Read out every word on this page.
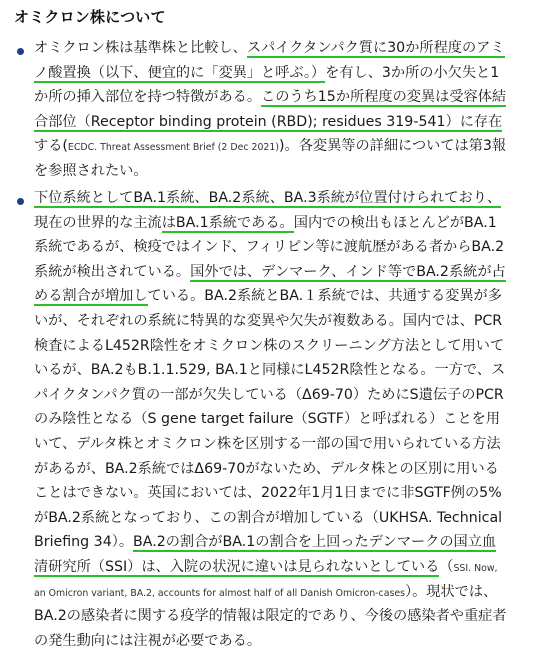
オミクロン株について
オミクロン株は基準株と比較し、スパイクタンパク質に30か所程度のアミ
ノ酸置換（以下、便宜的に「変異」と呼ぶ。）を有し、3か所の小欠失と1
か所の挿入部位を持つ特徴がある。このうち15か所程度の変異は受容体結
合部位（Receptor binding protein (RBD); residues 319-541）に存在
する(ECDC. Threat Assessment Brief (2 Dec 2021))。各変異等の詳細については第3報
を参照されたい。
下位系統としてBA.1系統、BA.2系統、BA.3系統が位置付けられており、
現在の世界的な主流はBA.1系統である。国内での検出もほとんどがBA.1
系統であるが、検疫ではインド、フィリピン等に渡航歴がある者からBA.2
系統が検出されている。国外では、デンマーク、インド等でBA.2系統が占
める割合が増加している。BA.2系統とBA.１系統では、共通する変異が多
いが、それぞれの系統に特異的な変異や欠失が複数ある。国内では、PCR
検査によるL452R陰性をオミクロン株のスクリーニング方法として用いて
いるが、BA.2もB.1.1.529, BA.1と同様にL452R陰性となる。一方で、ス
パイクタンパク質の一部が欠失している（Δ69-70）ためにS遺伝子のPCR
のみ陰性となる（S gene target failure（SGTF）と呼ばれる）ことを用
いて、デルタ株とオミクロン株を区別する一部の国で用いられている方法
があるが、BA.2系統ではΔ69-70がないため、デルタ株との区別に用いる
ことはできない。英国においては、2022年1月1日までに非SGTF例の5%
がBA.2系統となっており、この割合が増加している（UKHSA. Technical
Briefing 34）。BA.2の割合がBA.1の割合を上回ったデンマークの国立血
清研究所（SSI）は、入院の状況に違いは見られないとしている（SSI. Now,
an Omicron variant, BA.2, accounts for almost half of all Danish Omicron-cases）。現状では、
BA.2の感染者に関する疫学的情報は限定的であり、今後の感染者や重症者
の発生動向には注視が必要である。
